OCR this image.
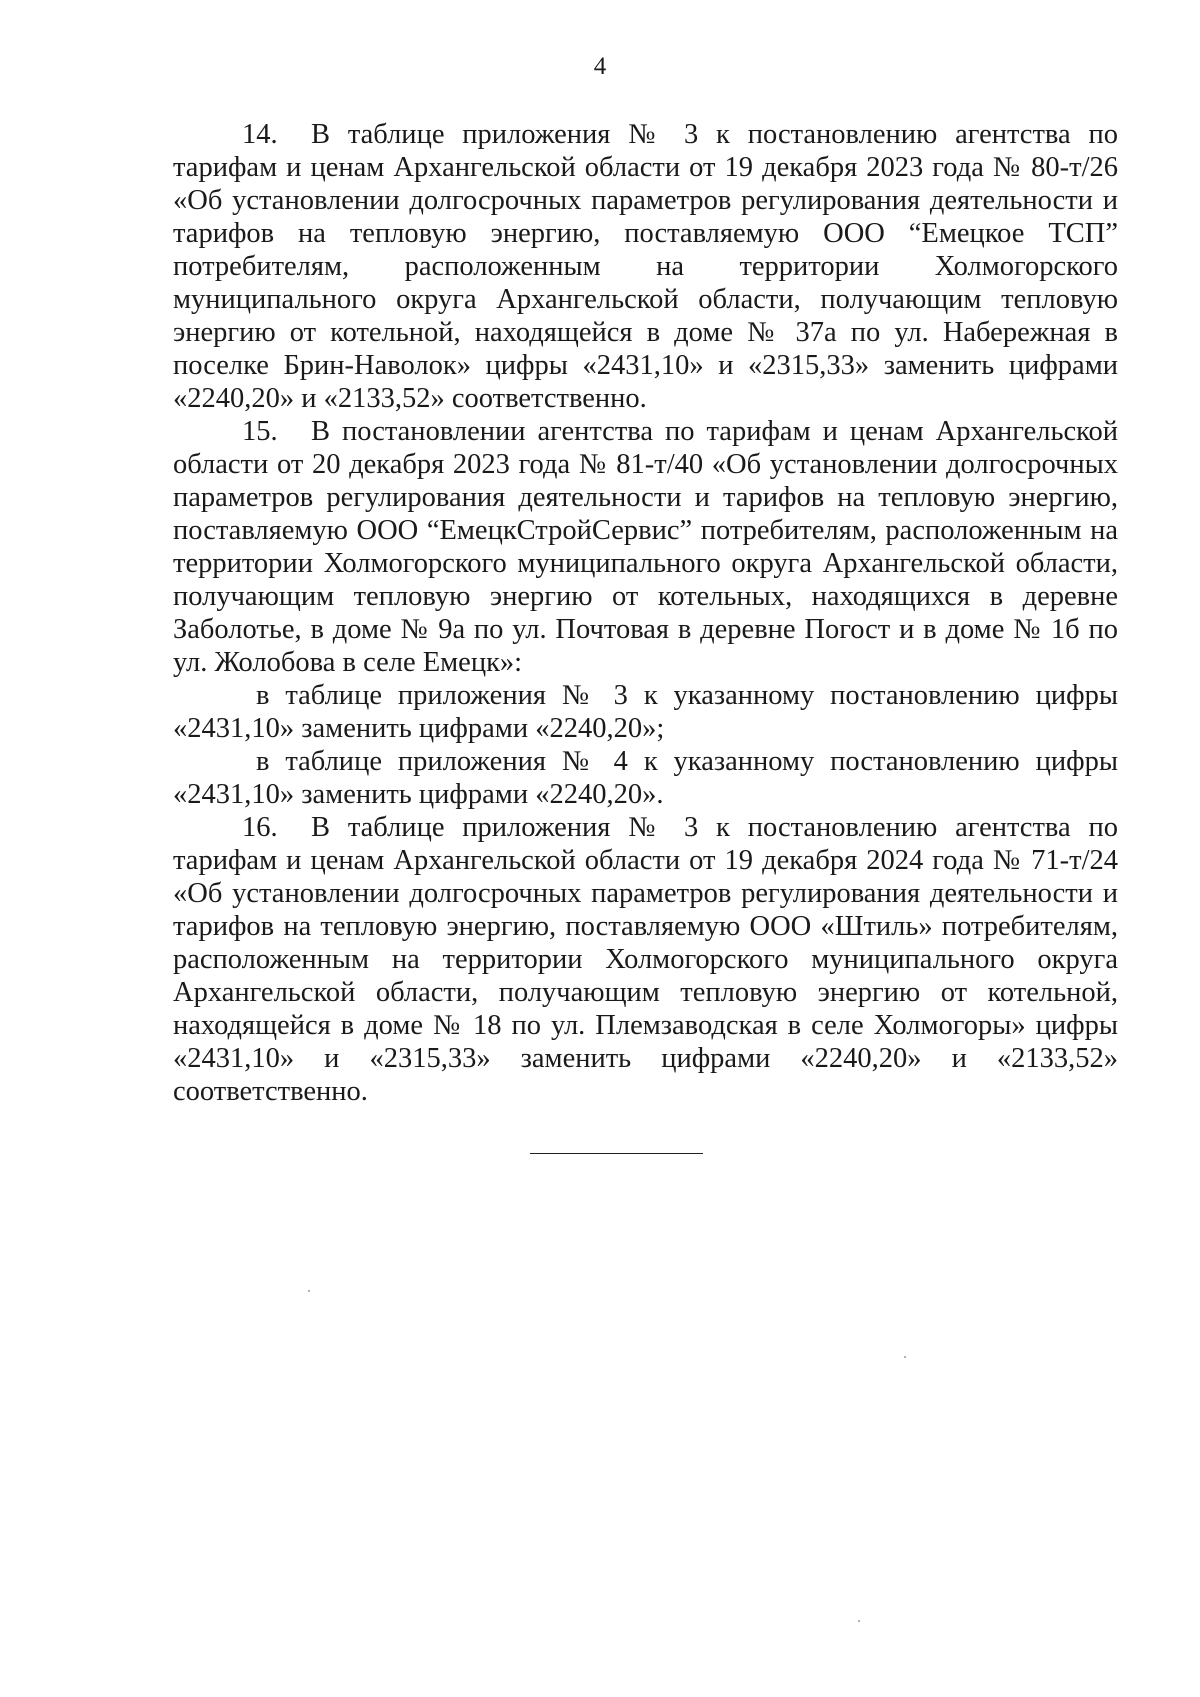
4

14. В таблице приложения № 3 к постановлению агентства по тарифам и ценам Архангельской области от 19 декабря 2023 года № 80-т/26 «Об установлении долгосрочных параметров регулирования деятельности и тарифов на тепловую энергию, поставляемую ООО “Емецкое ТСП” потребителям, расположенным на территории Холмогорского муниципального округа Архангельской области, получающим тепловую энергию от котельной, находящейся в доме № 37а по ул. Набережная в поселке Брин-Наволок» цифры «2431,10» и «2315,33» заменить цифрами «2240,20» и «2133,52» соответственно.

15. В постановлении агентства по тарифам и ценам Архангельской области от 20 декабря 2023 года № 81-т/40 «Об установлении долгосрочных параметров регулирования деятельности и тарифов на тепловую энергию, поставляемую ООО “ЕмецкСтройСервис” потребителям, расположенным на территории Холмогорского муниципального округа Архангельской области, получающим тепловую энергию от котельных, находящихся в деревне Заболотье, в доме № 9а по ул. Почтовая в деревне Погост и в доме № 1б по ул. Жолобова в селе Емецк»:

в таблице приложения № 3 к указанному постановлению цифры «2431,10» заменить цифрами «2240,20»;

в таблице приложения № 4 к указанному постановлению цифры «2431,10» заменить цифрами «2240,20».

16. В таблице приложения № 3 к постановлению агентства по тарифам и ценам Архангельской области от 19 декабря 2024 года № 71-т/24 «Об установлении долгосрочных параметров регулирования деятельности и тарифов на тепловую энергию, поставляемую ООО «Штиль» потребителям, расположенным на территории Холмогорского муниципального округа Архангельской области, получающим тепловую энергию от котельной, находящейся в доме № 18 по ул. Племзаводская в селе Холмогоры» цифры «2431,10» и «2315,33» заменить цифрами «2240,20» и «2133,52» соответственно.
